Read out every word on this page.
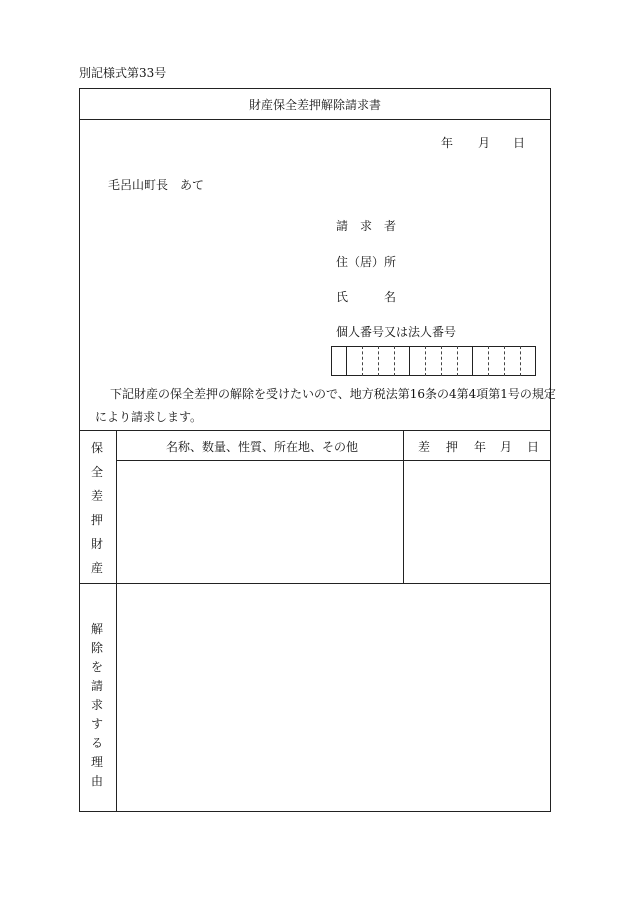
別記様式第33号
財産保全差押解除請求書
年 月 日
毛呂山町長　あて
請　求　者
住（居）所
氏　　　名
個人番号又は法人番号
下記財産の保全差押の解除を受けたいので、地方税法第16条の4第4項第1号の規定
により請求します。
保
全
差
押
財
産
名称、数量、性質、所在地、その他	差 押 年 月 日
解
除
を
請
求
す
る
理
由
